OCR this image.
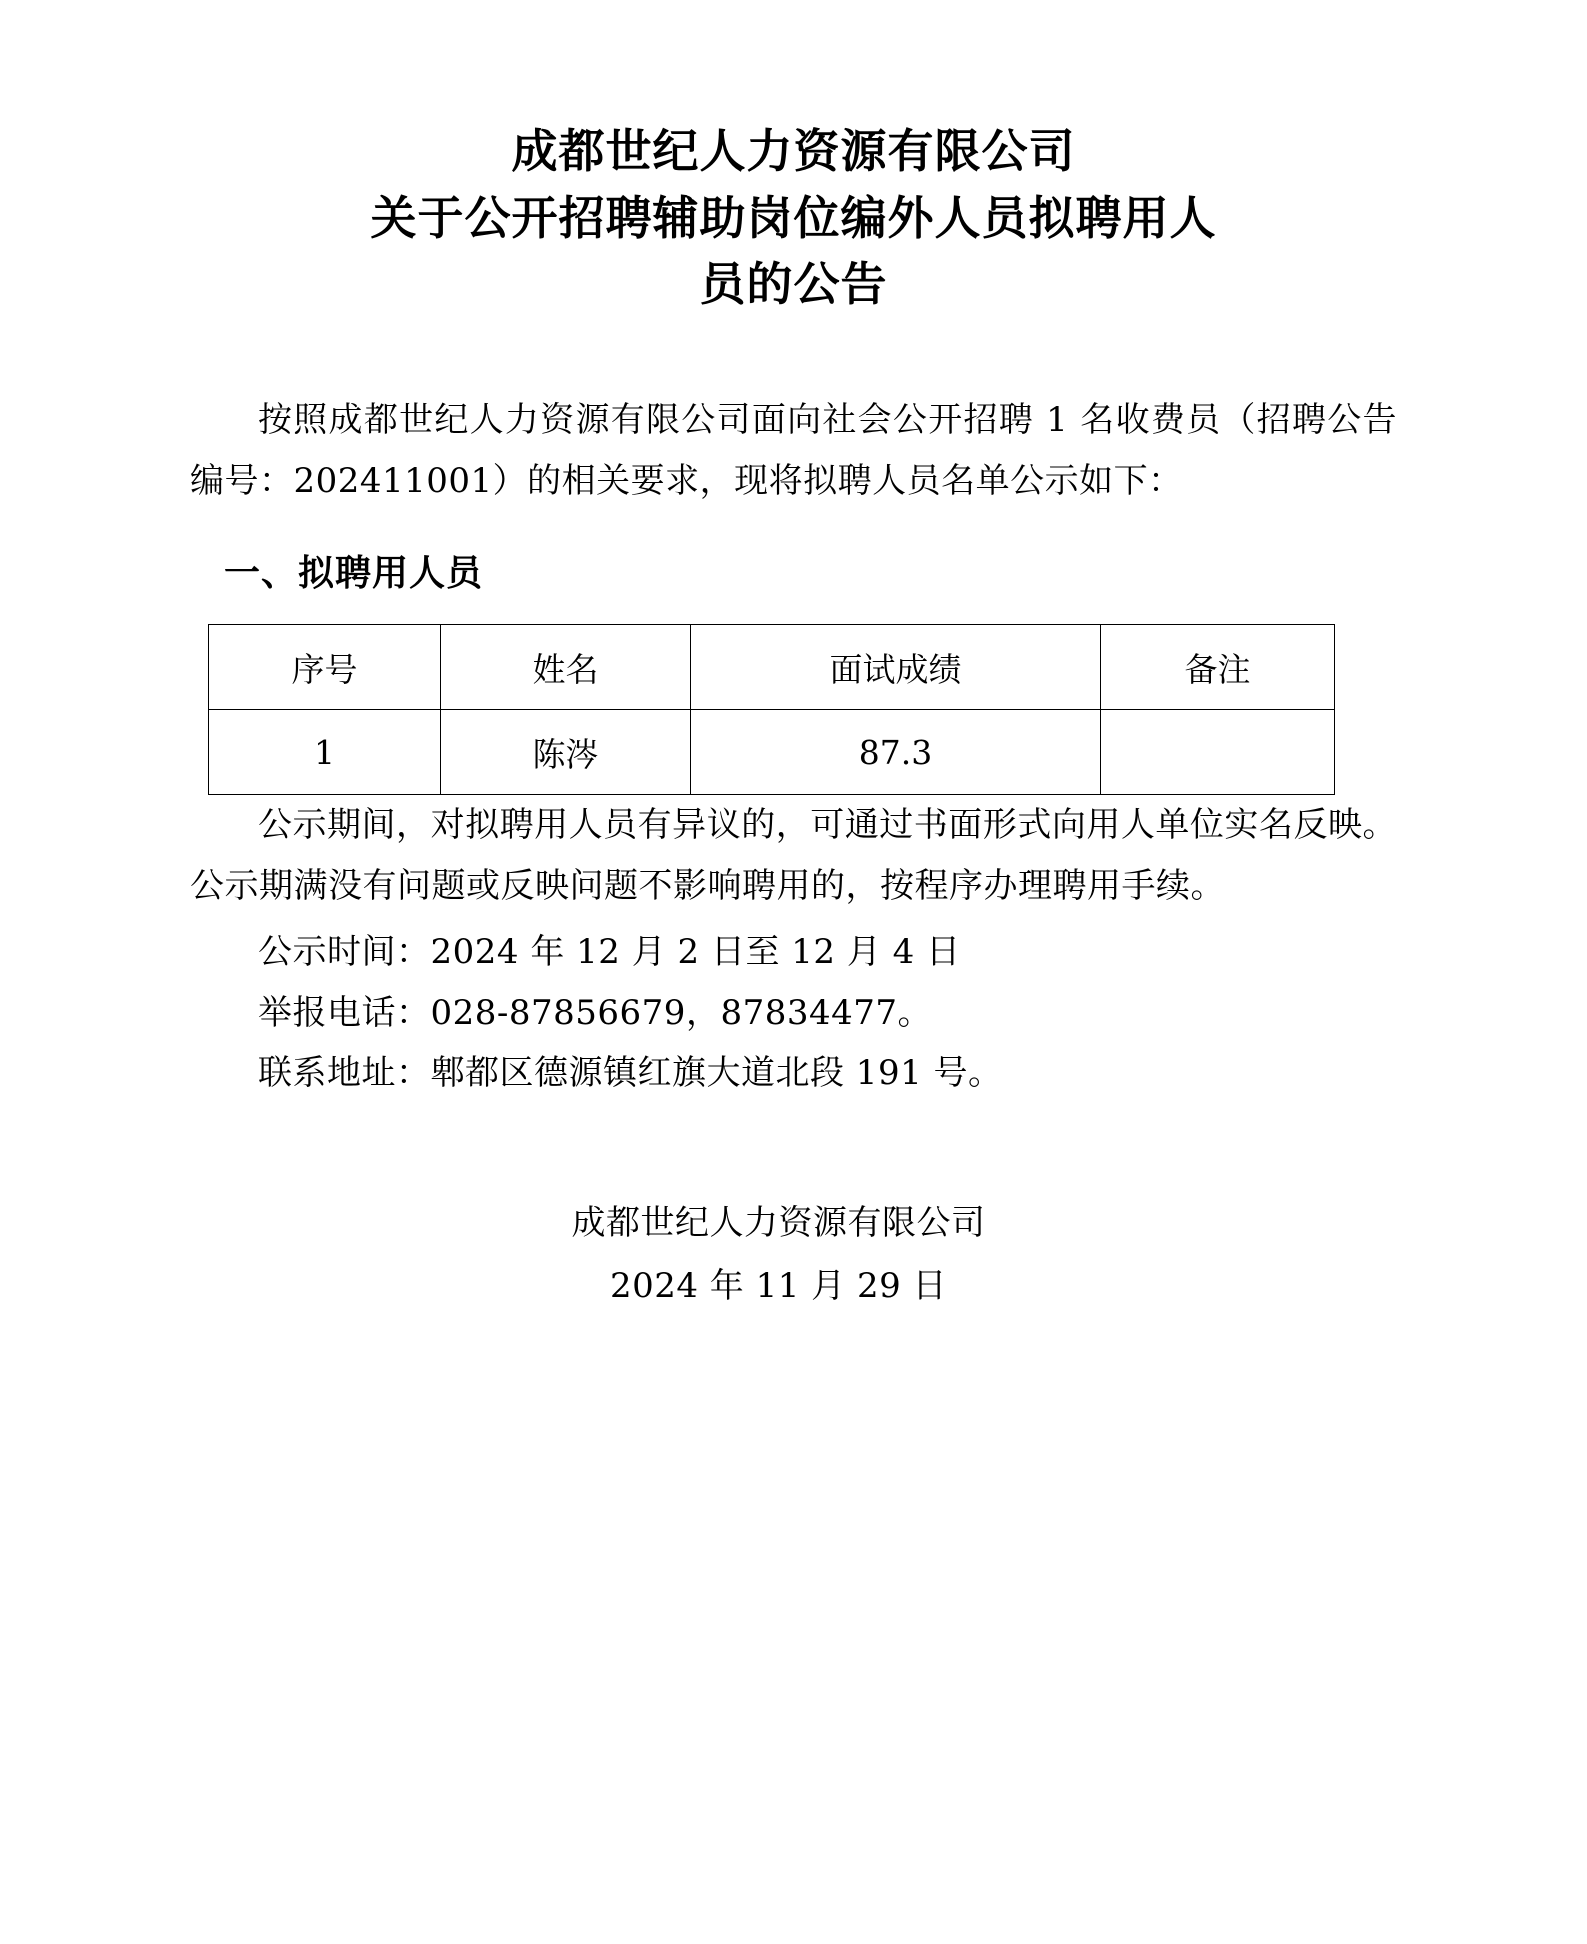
成都世纪人力资源有限公司
关于公开招聘辅助岗位编外人员拟聘用人
员的公告

按照成都世纪人力资源有限公司面向社会公开招聘 1 名收费员（招聘公告编号：202411001）的相关要求，现将拟聘人员名单公示如下：

一、拟聘用人员
序号	姓名	面试成绩	备注
1	陈涔	87.3	

公示期间，对拟聘用人员有异议的，可通过书面形式向用人单位实名反映。公示期满没有问题或反映问题不影响聘用的，按程序办理聘用手续。

公示时间：2024 年 12 月 2 日至 12 月 4 日

举报电话：028-87856679，87834477。

联系地址：郫都区德源镇红旗大道北段 191 号。

成都世纪人力资源有限公司
2024 年 11 月 29 日
